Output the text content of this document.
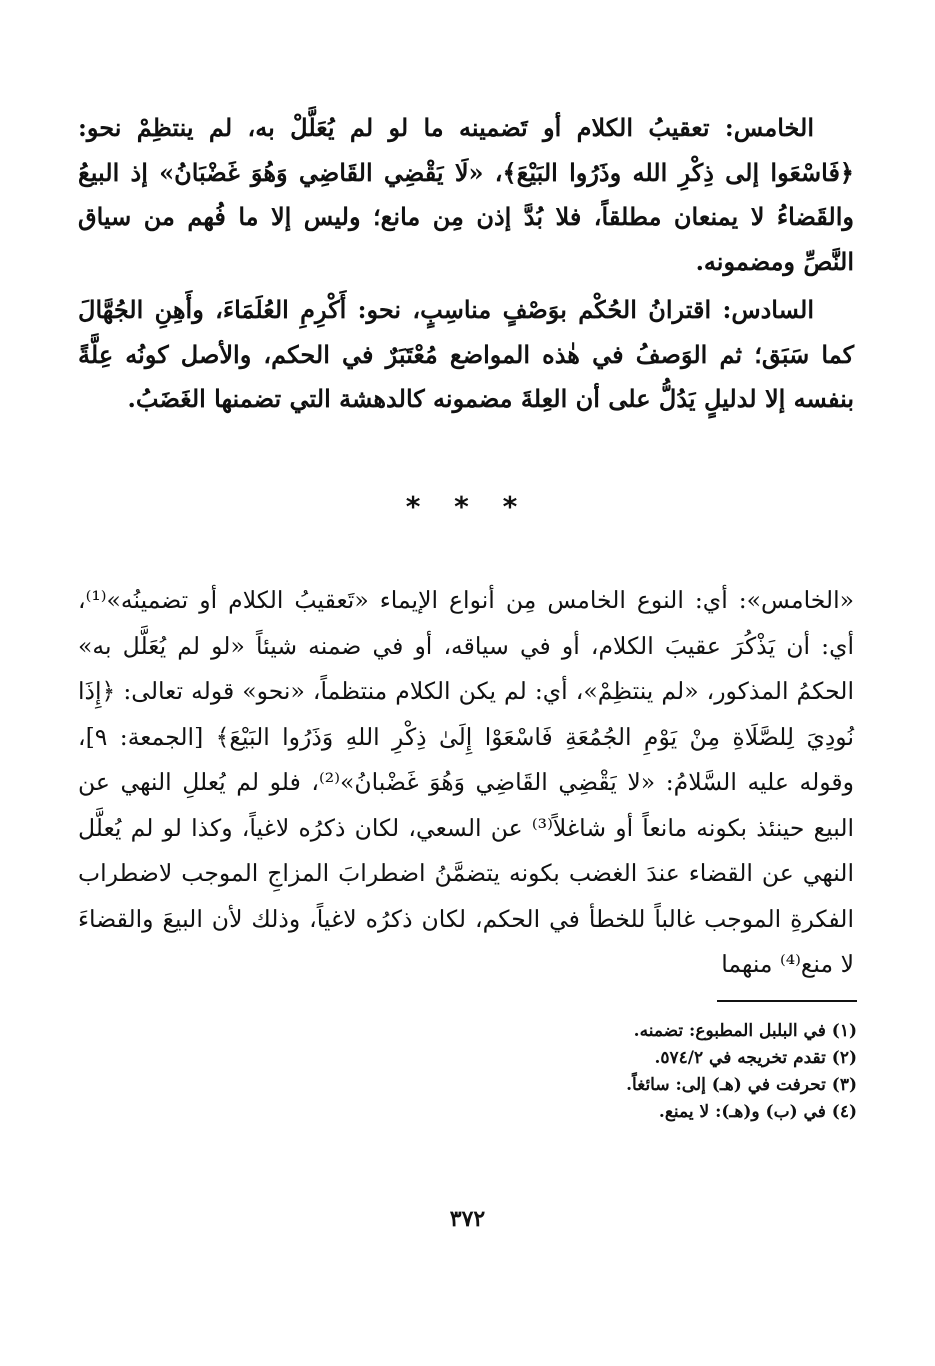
الخامس: تعقيبُ الكلام أو تَضمينه ما لو لم يُعَلَّلْ به، لم ينتظِمْ نحو: ﴿فَاسْعَوا إلى ذِكْرِ الله وذَرُوا البَيْعَ﴾، «لَا يَقْضِي القَاضِي وَهُوَ غَضْبَانُ» إذ البيعُ والقَضاءُ لا يمنعان مطلقاً، فلا بُدَّ إذن مِن مانع؛ وليس إلا ما فُهم من سياق النَّصِّ ومضمونه.

السادس: اقترانُ الحُكْم بوَصْفٍ مناسِبٍ، نحو: أَكْرِمِ العُلَمَاءَ، وأَهِنِ الجُهَّالَ كما سَبَق؛ ثم الوَصفُ في هٰذه المواضع مُعْتَبَرٌ في الحكم، والأصل كونُه عِلَّةً بنفسه إلا لدليلٍ يَدُلُّ على أن العِلةَ مضمونه كالدهشة التي تضمنها الغَضَبُ.

* * *

«الخامس»: أي: النوع الخامس مِن أنواع الإيماء «تَعقيبُ الكلام أو تضمينُه»⁽¹⁾، أي: أن يَذْكُرَ عقيبَ الكلام، أو في سياقه، أو في ضمنه شيئاً «لو لم يُعَلَّل به» الحكمُ المذكور، «لم ينتظِمْ»، أي: لم يكن الكلام منتظماً، «نحو» قوله تعالى: ﴿إِذَا نُودِيَ لِلصَّلَاةِ مِنْ يَوْمِ الجُمُعَةِ فَاسْعَوْا إِلَىٰ ذِكْرِ اللهِ وَذَرُوا البَيْعَ﴾ [الجمعة: ٩]، وقوله عليه السَّلامُ: «لا يَقْضِي القَاضِي وَهُوَ غَضْبانُ»⁽²⁾، فلو لم يُعللِ النهي عن البيع حينئذ بكونه مانعاً أو شاغلاً⁽³⁾ عن السعي، لكان ذكرُه لاغياً، وكذا لو لم يُعلَّل النهي عن القضاء عندَ الغضب بكونه يتضمَّنُ اضطرابَ المزاجِ الموجب لاضطراب الفكرةِ الموجب غالباً للخطأ في الحكم، لكان ذكرُه لاغياً، وذلك لأن البيعَ والقضاءَ لا منع⁽⁴⁾ منهما

(١) في البلبل المطبوع: تضمنه.

(٢) تقدم تخريجه في ٥٧٤/٢.

(٣) تحرفت في (هـ) إلى: سائغاً.

(٤) في (ب) و(هـ): لا يمنع.

٣٧٢
